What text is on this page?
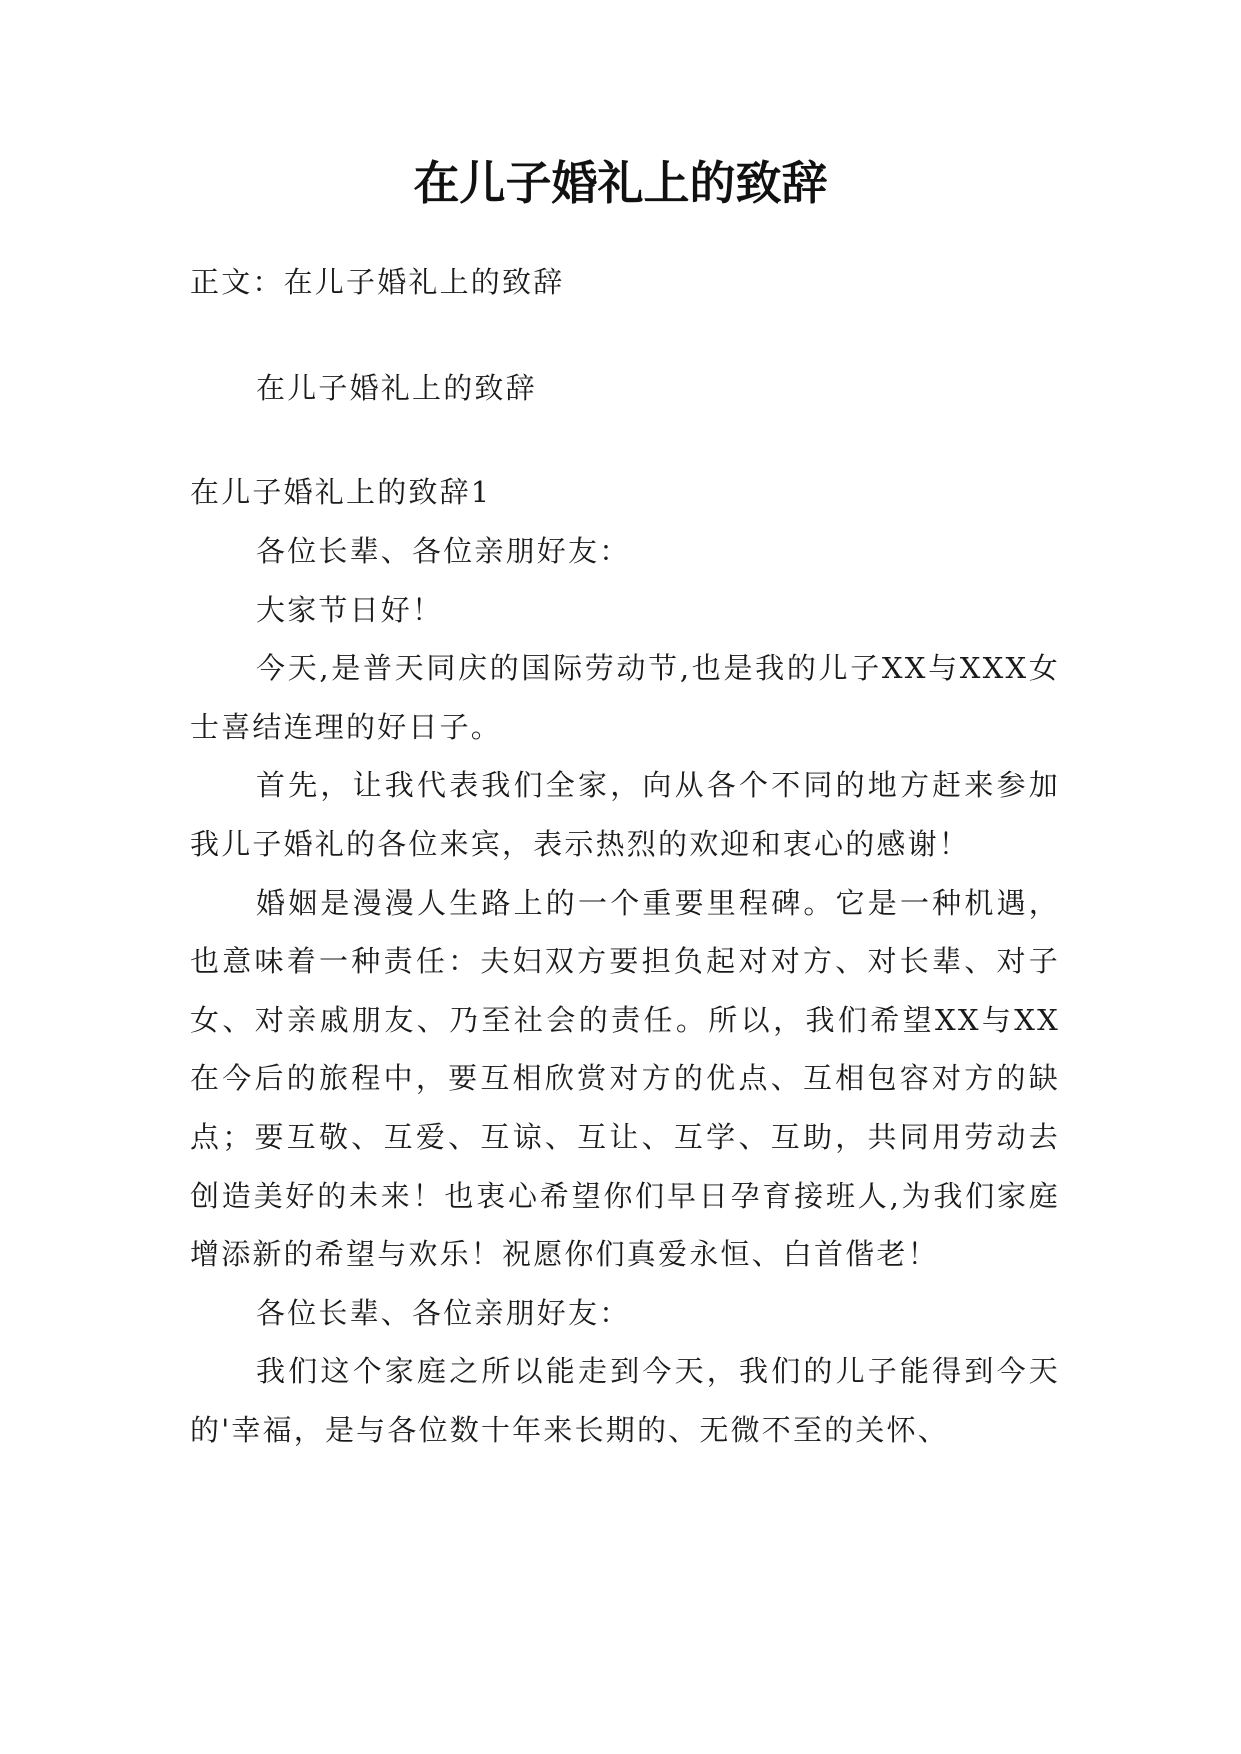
在儿子婚礼上的致辞

正文：在儿子婚礼上的致辞

在儿子婚礼上的致辞

在儿子婚礼上的致辞1

各位长辈、各位亲朋好友：

大家节日好！

今天,是普天同庆的国际劳动节,也是我的儿子XX与XXX女士喜结连理的好日子。

首先，让我代表我们全家，向从各个不同的地方赶来参加我儿子婚礼的各位来宾，表示热烈的欢迎和衷心的感谢！

婚姻是漫漫人生路上的一个重要里程碑。它是一种机遇，也意味着一种责任：夫妇双方要担负起对对方、对长辈、对子女、对亲戚朋友、乃至社会的责任。所以，我们希望XX与XX在今后的旅程中，要互相欣赏对方的优点、互相包容对方的缺点；要互敬、互爱、互谅、互让、互学、互助，共同用劳动去创造美好的未来！也衷心希望你们早日孕育接班人,为我们家庭增添新的希望与欢乐！祝愿你们真爱永恒、白首偕老！

各位长辈、各位亲朋好友：

我们这个家庭之所以能走到今天，我们的儿子能得到今天的'幸福，是与各位数十年来长期的、无微不至的关怀、
